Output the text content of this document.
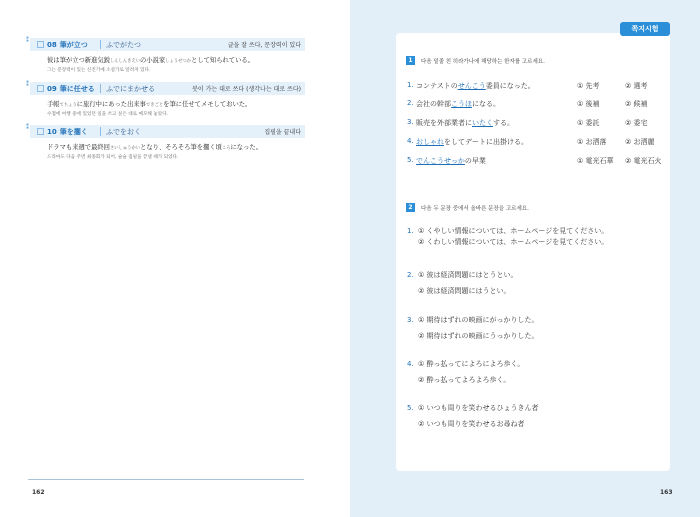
⁑	08 筆が立つ	ふでがたつ	글을 잘 쓰다, 문장력이 있다
彼は筆が立つ新進気鋭しんしんきえいの小説家しょうせつかとして知られている。
그는 문장력이 있는 신진기예 소설가로 알려져 있다.
⁑	09 筆に任せる ふでにまかせる	붓이 가는 대로 쓰다 (생각나는 대로 쓰다)
手帳てちょうに旅行中にあった出来事できごとを筆に任せてメモしておいた。
수첩에 여행 중에 있었던 일을 쓰고 싶은 대로 메모해 놓았다.
⁑	10 筆を擱く	ふでをおく	집필을 끝내다
ドラマも来週で最終回さいしゅうかいとなり、そろそろ筆を擱く頃ころになった。
드라마도 다음 주면 최종회가 되어, 슬슬 집필을 끝낼 때가 되었다.
162
1	다음 밑줄 친 히라가나에 해당하는 한자를 고르세요.
1. コンテストのせんこう委員になった。	① 先考	② 選考
2. 会社の幹部こうほになる。	① 後補	② 候補
3. 販売を外部業者にいたくする。	① 委託	② 委宅
4. おしゃれをしてデートに出掛ける。	① お洒落	② お洒麗
5. でんこうせっかの早業	① 電光石華 ② 電光石火
2	다음 두 문장 중에서 올바른 문장을 고르세요.
1. ① くやしい情報については、ホームページを見てください。
② くわしい情報については、ホームページを見てください。
2. ① 彼は経済問題にはとうとい。
② 彼は経済問題にはうとい。
3. ① 期待はずれの映画にがっかりした。
② 期待はずれの映画にうっかりした。
4. ① 酔っ払ってによろによろ歩く。
② 酔っ払ってよろよろ歩く。
5. ① いつも周りを笑わせるひょうきん者
② いつも周りを笑わせるお尋ね者
쪽지시험
163
